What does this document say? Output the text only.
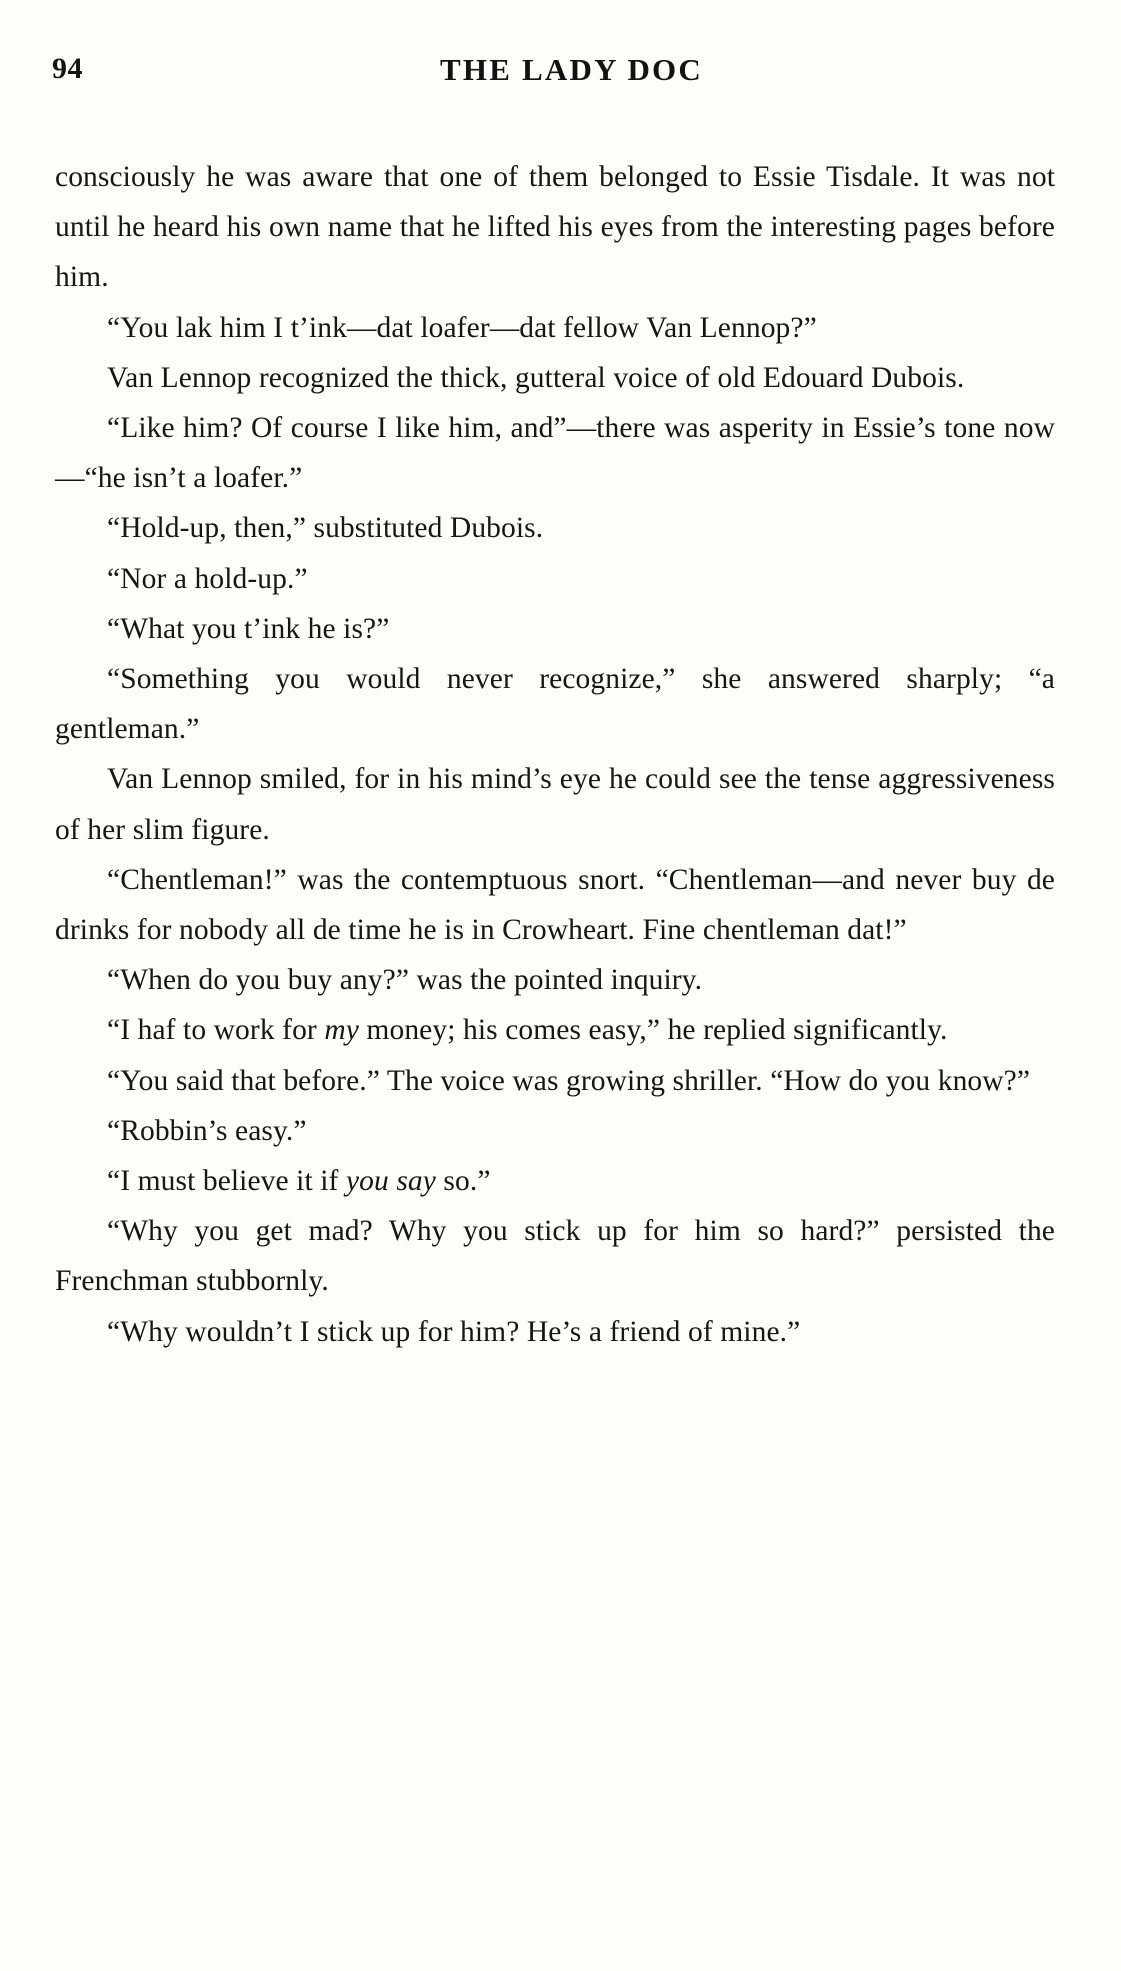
94	THE LADY DOC

consciously he was aware that one of them belonged to Essie Tisdale. It was not until he heard his own name that he lifted his eyes from the interesting pages before him.

“You lak him I t’ink—dat loafer—dat fellow Van Lennop?”

Van Lennop recognized the thick, gutteral voice of old Edouard Dubois.

“Like him? Of course I like him, and”—there was asperity in Essie’s tone now—“he isn’t a loafer.”

“Hold-up, then,” substituted Dubois.

“Nor a hold-up.”

“What you t’ink he is?”

“Something you would never recognize,” she answered sharply; “a gentleman.”

Van Lennop smiled, for in his mind’s eye he could see the tense aggressiveness of her slim figure.

“Chentleman!” was the contemptuous snort. “Chentleman—and never buy de drinks for nobody all de time he is in Crowheart. Fine chentleman dat!”

“When do you buy any?” was the pointed inquiry.

“I haf to work for my money; his comes easy,” he replied significantly.

“You said that before.” The voice was growing shriller. “How do you know?”

“Robbin’s easy.”

“I must believe it if you say so.”

“Why you get mad? Why you stick up for him so hard?” persisted the Frenchman stubbornly.

“Why wouldn’t I stick up for him? He’s a friend of mine.”
